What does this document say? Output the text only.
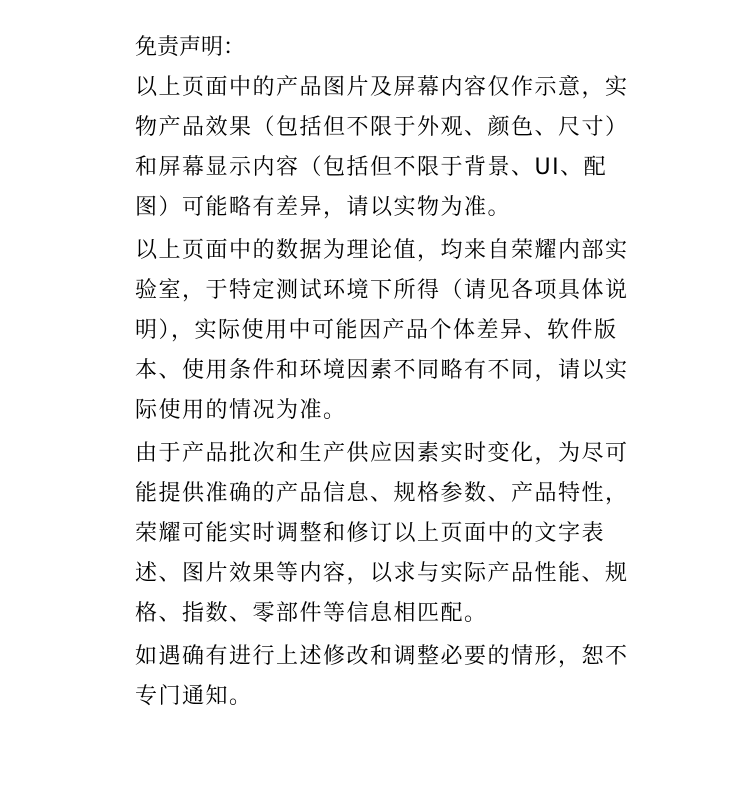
免责声明：

以上页面中的产品图片及屏幕内容仅作示意，实
物产品效果（包括但不限于外观、颜色、尺寸）
和屏幕显示内容（包括但不限于背景、UI、配
图）可能略有差异，请以实物为准。

以上页面中的数据为理论值，均来自荣耀内部实
验室，于特定测试环境下所得（请见各项具体说
明），实际使用中可能因产品个体差异、软件版
本、使用条件和环境因素不同略有不同，请以实
际使用的情况为准。

由于产品批次和生产供应因素实时变化，为尽可
能提供准确的产品信息、规格参数、产品特性，
荣耀可能实时调整和修订以上页面中的文字表
述、图片效果等内容，以求与实际产品性能、规
格、指数、零部件等信息相匹配。

如遇确有进行上述修改和调整必要的情形，恕不
专门通知。
